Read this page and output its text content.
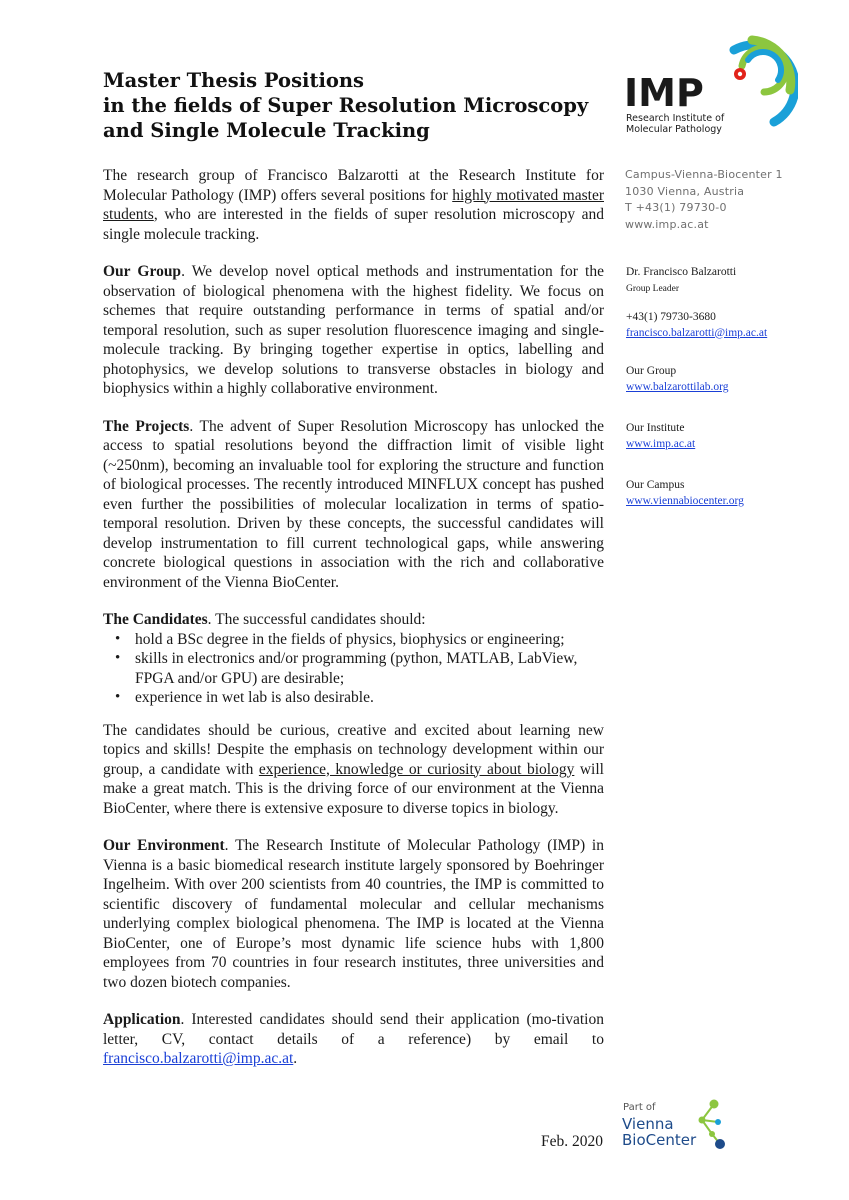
Master Thesis Positions
in the fields of Super Resolution Microscopy
and Single Molecule Tracking
IMP
Research Institute of
Molecular Pathology
Campus-Vienna-Biocenter 1
1030 Vienna, Austria
T +43(1) 79730-0
www.imp.ac.at
Dr. Francisco Balzarotti
Group Leader
+43(1) 79730-3680
francisco.balzarotti@imp.ac.at
Our Group
www.balzarottilab.org
Our Institute
www.imp.ac.at
Our Campus
www.viennabiocenter.org

The research group of Francisco Balzarotti at the Research Institute for Molecular Pathology (IMP) offers several positions for highly motivated master students, who are interested in the fields of super resolution microscopy and single molecule tracking.

Our Group. We develop novel optical methods and instrumentation for the observation of biological phenomena with the highest fidelity. We focus on schemes that require outstanding performance in terms of spatial and/or temporal resolution, such as super resolution fluorescence imaging and single-molecule tracking. By bringing together expertise in optics, labelling and photophysics, we develop solutions to transverse obstacles in biology and biophysics within a highly collaborative environment.

The Projects. The advent of Super Resolution Microscopy has unlocked the access to spatial resolutions beyond the diffraction limit of visible light (~250nm), becoming an invaluable tool for exploring the structure and function of biological processes. The recently introduced MINFLUX concept has pushed even further the possibilities of molecular localization in terms of spatio-temporal resolution. Driven by these concepts, the successful candidates will develop instrumentation to fill current technological gaps, while answering concrete biological questions in association with the rich and collaborative environment of the Vienna BioCenter.

The Candidates. The successful candidates should:

• hold a BSc degree in the fields of physics, biophysics or engineering;
• skills in electronics and/or programming (python, MATLAB, LabView, FPGA and/or GPU) are desirable;
• experience in wet lab is also desirable.

The candidates should be curious, creative and excited about learning new topics and skills! Despite the emphasis on technology development within our group, a candidate with experience, knowledge or curiosity about biology will make a great match. This is the driving force of our environment at the Vienna BioCenter, where there is extensive exposure to diverse topics in biology.

Our Environment. The Research Institute of Molecular Pathology (IMP) in Vienna is a basic biomedical research institute largely sponsored by Boehringer Ingelheim. With over 200 scientists from 40 countries, the IMP is committed to scientific discovery of fundamental molecular and cellular mechanisms underlying complex biological phenomena. The IMP is located at the Vienna BioCenter, one of Europe’s most dynamic life science hubs with 1,800 employees from 70 countries in four research institutes, three universities and two dozen biotech companies.

Application. Interested candidates should send their application (mo-tivation letter, CV, contact details of a reference) by email to francisco.balzarotti@imp.ac.at.

Feb. 2020
Part of
Vienna
BioCenter
